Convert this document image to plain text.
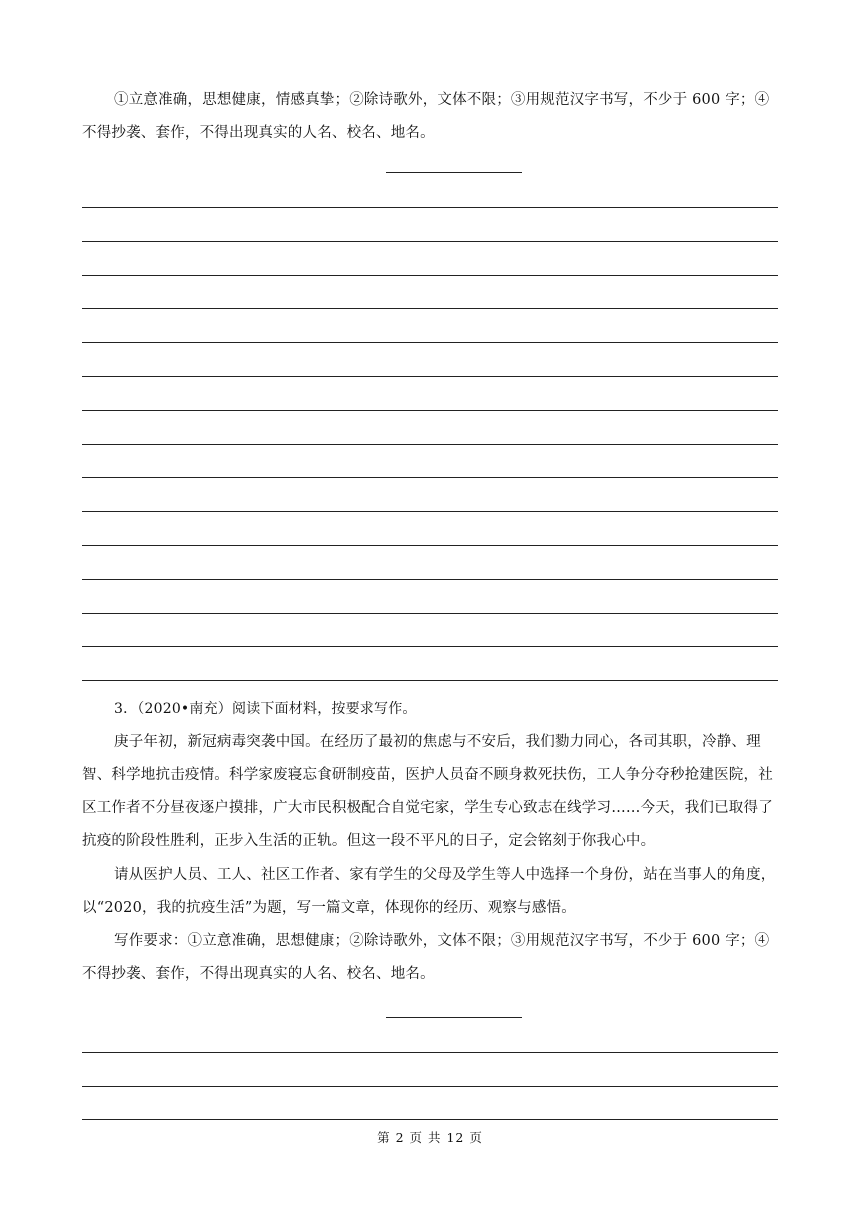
①立意准确，思想健康，情感真挚；②除诗歌外，文体不限；③用规范汉字书写，不少于 600 字；④不得抄袭、套作，不得出现真实的人名、校名、地名。

3．（2020•南充）阅读下面材料，按要求写作。

庚子年初，新冠病毒突袭中国。在经历了最初的焦虑与不安后，我们勠力同心，各司其职，冷静、理智、科学地抗击疫情。科学家废寝忘食研制疫苗，医护人员奋不顾身救死扶伤，工人争分夺秒抢建医院，社区工作者不分昼夜逐户摸排，广大市民积极配合自觉宅家，学生专心致志在线学习……今天，我们已取得了抗疫的阶段性胜利，正步入生活的正轨。但这一段不平凡的日子，定会铭刻于你我心中。

请从医护人员、工人、社区工作者、家有学生的父母及学生等人中选择一个身份，站在当事人的角度，以“2020，我的抗疫生活”为题，写一篇文章，体现你的经历、观察与感悟。

写作要求：①立意准确，思想健康；②除诗歌外，文体不限；③用规范汉字书写，不少于 600 字；④不得抄袭、套作，不得出现真实的人名、校名、地名。

第 2 页 共 12 页
